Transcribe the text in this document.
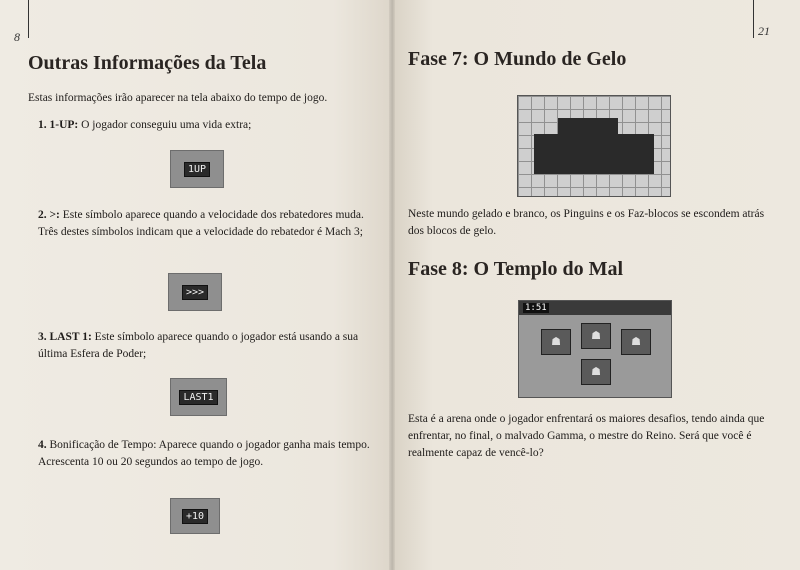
8	21
Outras Informações da Tela
Estas informações irão aparecer na tela abaixo do tempo de jogo.
1. 1-UP: O jogador conseguiu uma vida extra;
1UP
2. >: Este símbolo aparece quando a velocidade dos rebatedores muda. Três destes símbolos indicam que a velocidade do rebatedor é Mach 3;
>>>
3. LAST 1: Este símbolo aparece quando o jogador está usando a sua última Esfera de Poder;
LAST1
4. Bonificação de Tempo: Aparece quando o jogador ganha mais tempo. Acrescenta 10 ou 20 segundos ao tempo de jogo.
+10
Fase 7: O Mundo de Gelo
Neste mundo gelado e branco, os Pinguins e os Faz-blocos se escondem atrás dos blocos de gelo.
Fase 8: O Templo do Mal
1:51
☗	☗	☗
☗
Esta é a arena onde o jogador enfrentará os maiores desafios, tendo ainda que enfrentar, no final, o malvado Gamma, o mestre do Reino. Será que você é realmente capaz de vencê-lo?
